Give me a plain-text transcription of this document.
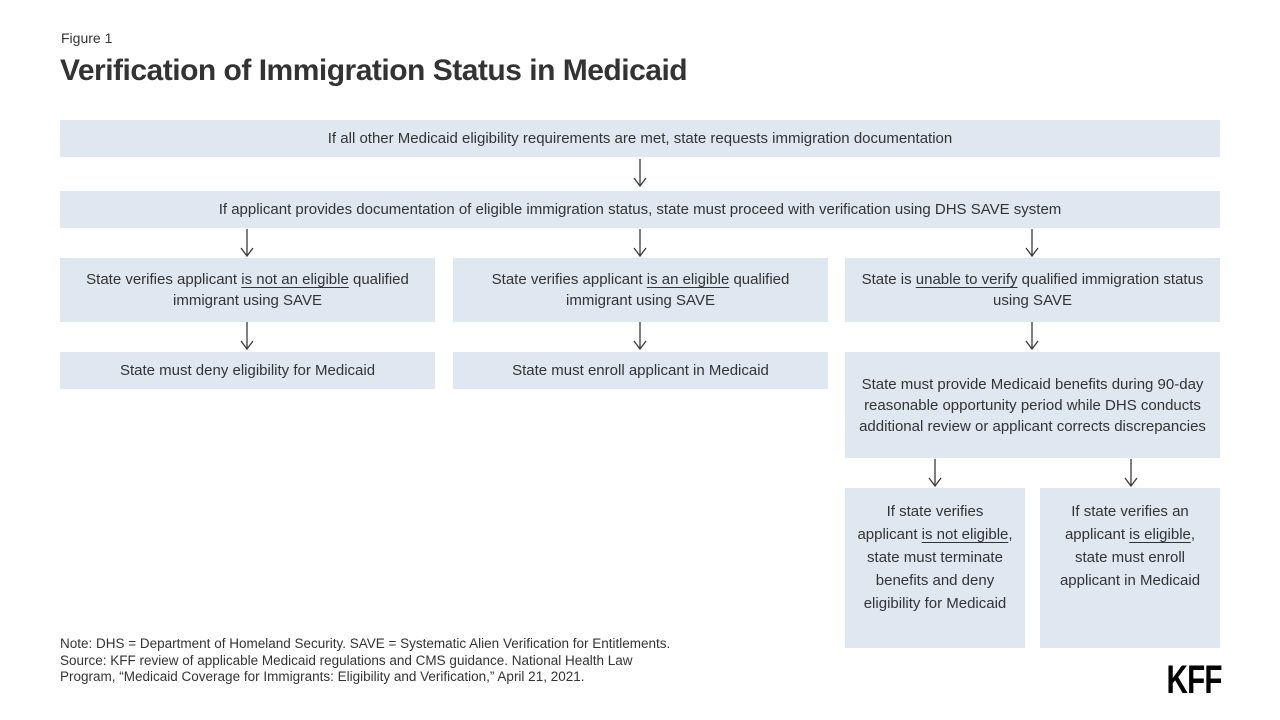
Figure 1
Verification of Immigration Status in Medicaid
If all other Medicaid eligibility requirements are met, state requests immigration documentation
If applicant provides documentation of eligible immigration status, state must proceed with verification using DHS SAVE system
State verifies applicant is not an eligible qualified immigrant using SAVE
State verifies applicant is an eligible qualified immigrant using SAVE
State is unable to verify qualified immigration status using SAVE
State must deny eligibility for Medicaid	State must enroll applicant in Medicaid
State must provide Medicaid benefits during 90-day reasonable opportunity period while DHS conducts additional review or applicant corrects discrepancies
If state verifies applicant is not eligible, state must terminate benefits and deny eligibility for Medicaid
If state verifies an applicant is eligible, state must enroll applicant in Medicaid
Note: DHS = Department of Homeland Security. SAVE = Systematic Alien Verification for Entitlements.
Source: KFF review of applicable Medicaid regulations and CMS guidance. National Health Law
Program, “Medicaid Coverage for Immigrants: Eligibility and Verification,” April 21, 2021.	KFF
